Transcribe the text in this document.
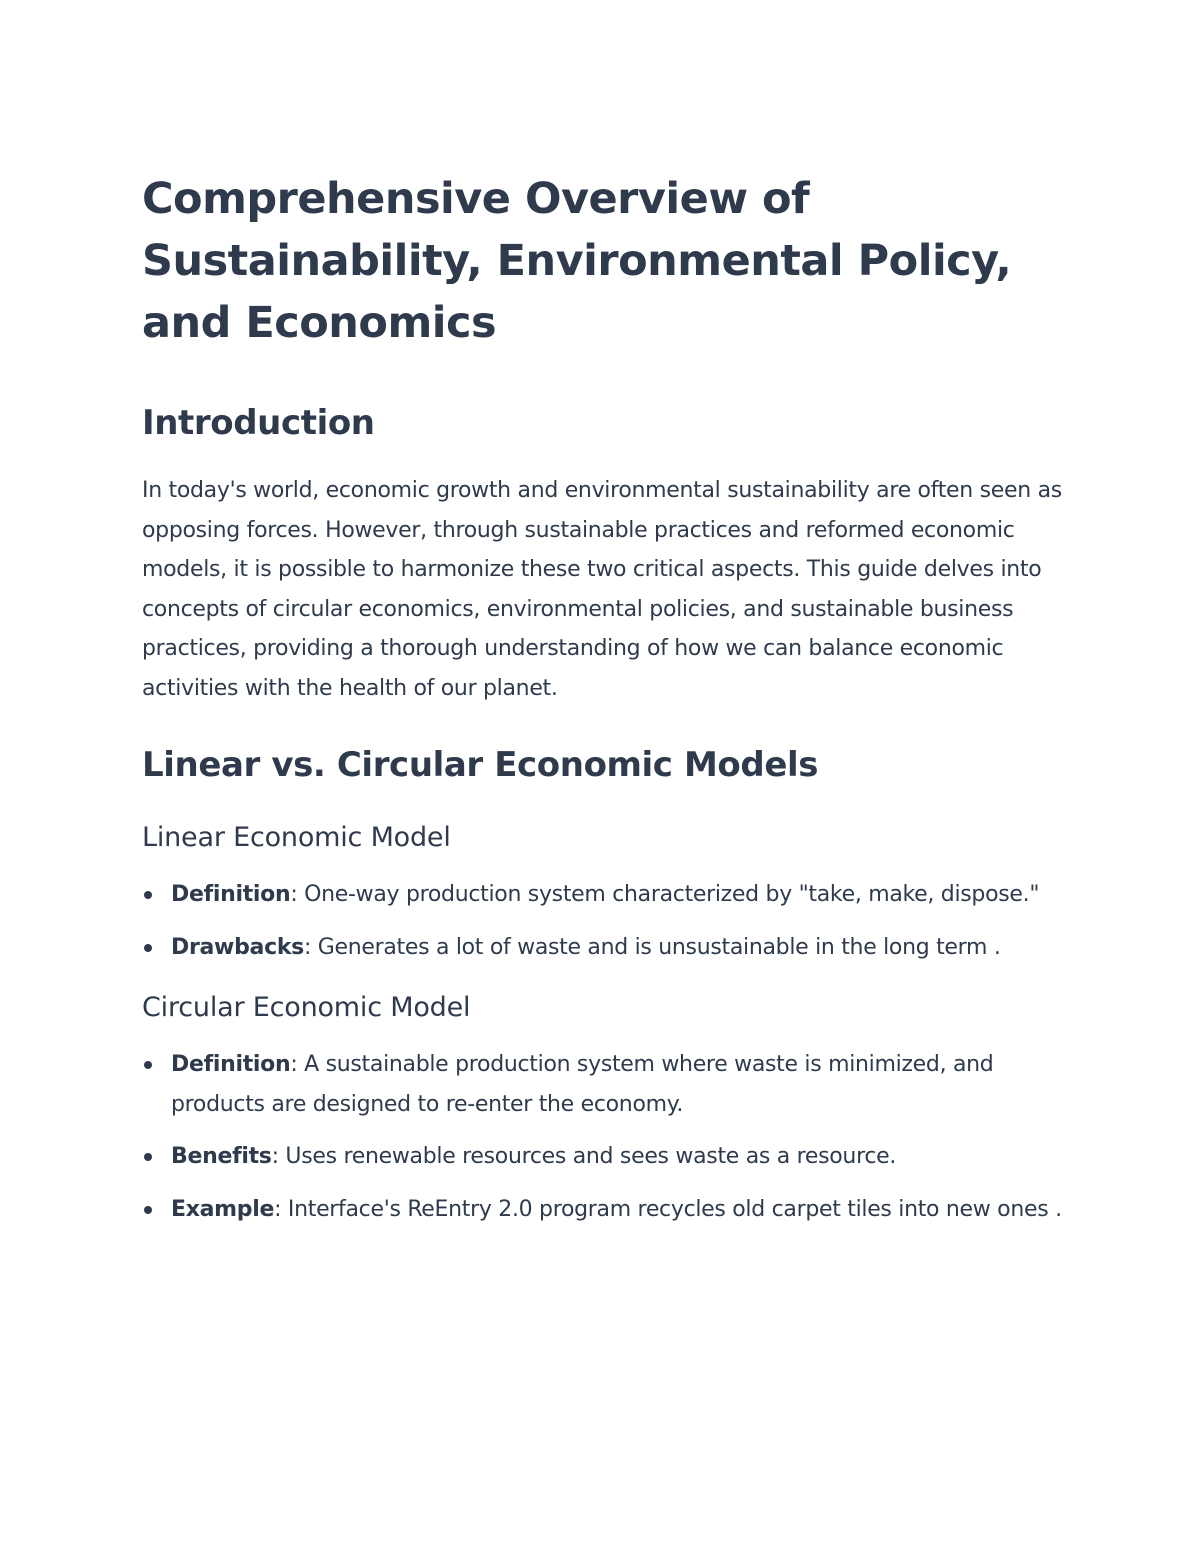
Comprehensive Overview of Sustainability, Environmental Policy, and Economics
Introduction

In today's world, economic growth and environmental sustainability are often seen as opposing forces. However, through sustainable practices and reformed economic models, it is possible to harmonize these two critical aspects. This guide delves into concepts of circular economics, environmental policies, and sustainable business practices, providing a thorough understanding of how we can balance economic activities with the health of our planet.

Linear vs. Circular Economic Models
Linear Economic Model
Definition: One-way production system characterized by "take, make, dispose."
Drawbacks: Generates a lot of waste and is unsustainable in the long term .
Circular Economic Model
Definition: A sustainable production system where waste is minimized, and products are designed to re-enter the economy.
Benefits: Uses renewable resources and sees waste as a resource.
Example: Interface's ReEntry 2.0 program recycles old carpet tiles into new ones .
